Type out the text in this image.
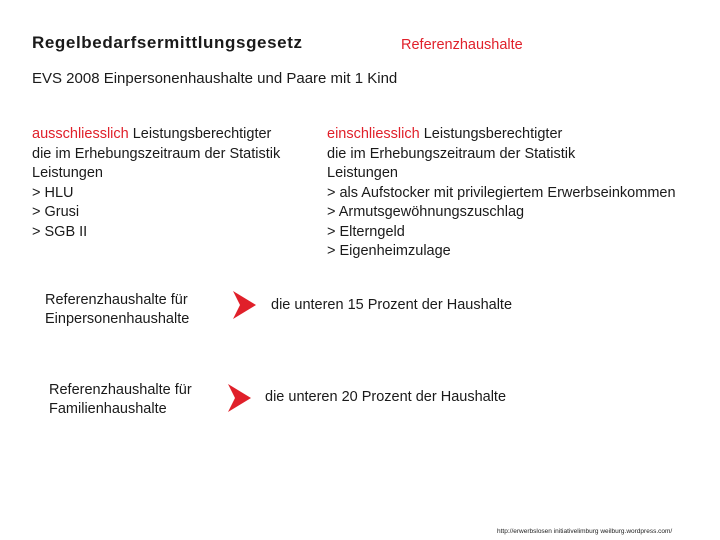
Regelbedarfsermittlungsgesetz	Referenzhaushalte
EVS 2008 Einpersonenhaushalte und Paare mit 1 Kind
ausschliesslich Leistungsberechtigter
die im Erhebungszeitraum der Statistik
Leistungen
> HLU
> Grusi
> SGB II
einschliesslich Leistungsberechtigter
die im Erhebungszeitraum der Statistik
Leistungen
> als Aufstocker mit privilegiertem Erwerbseinkommen
> Armutsgewöhnungszuschlag
> Elterngeld
> Eigenheimzulage
Referenzhaushalte für
Einpersonenhaushalte
die unteren 15 Prozent der Haushalte
Referenzhaushalte für
Familienhaushalte
die unteren 20 Prozent der Haushalte
http://erwerbslosen initiativelimburg weilburg.wordpress.com/
